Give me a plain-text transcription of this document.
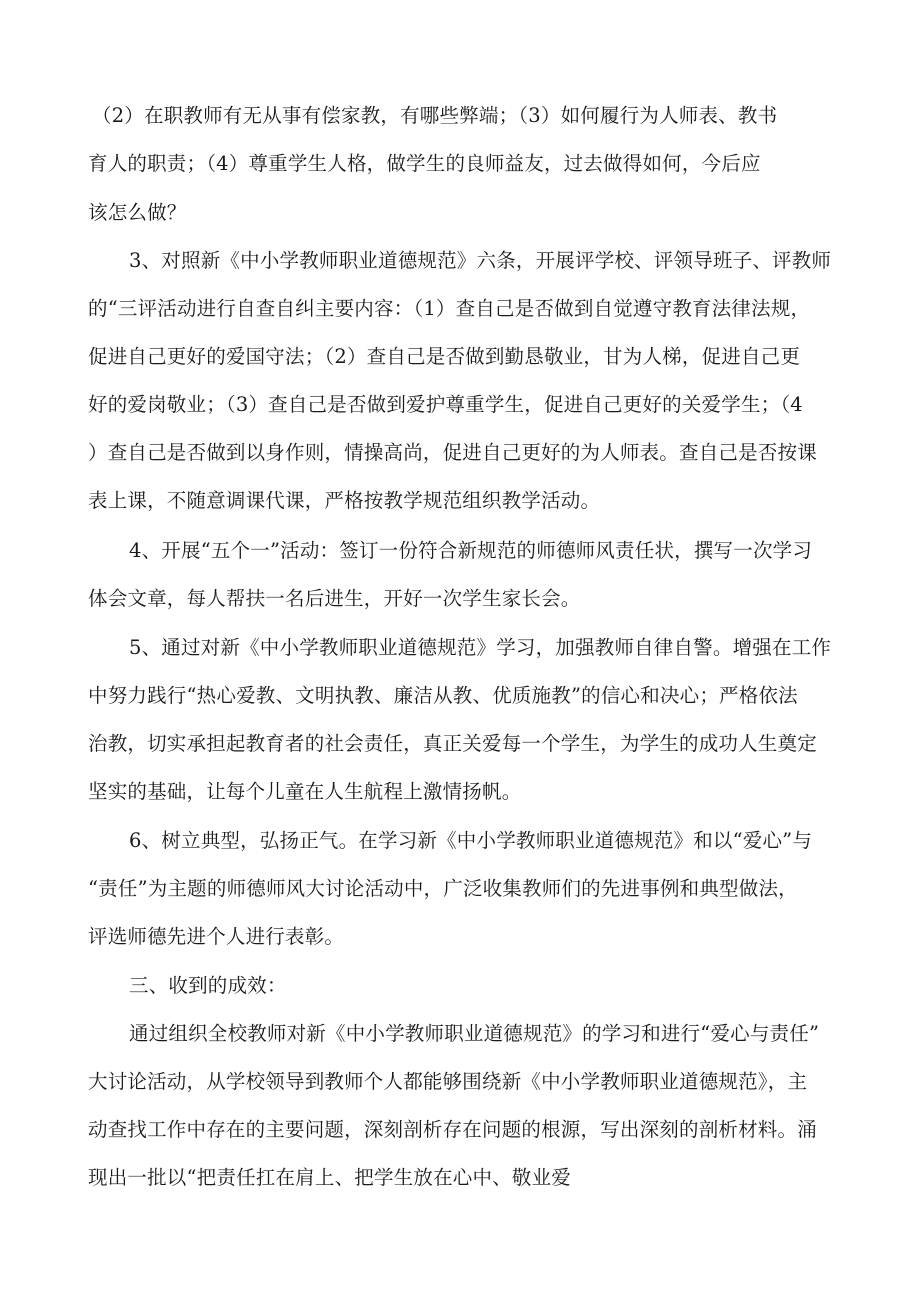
（2）在职教师有无从事有偿家教，有哪些弊端；（3）如何履行为人师表、教书
育人的职责；（4）尊重学生人格，做学生的良师益友，过去做得如何，今后应
该怎么做？
3、对照新《中小学教师职业道德规范》六条，开展评学校、评领导班子、评教师
的“三评活动进行自查自纠主要内容：（1）查自己是否做到自觉遵守教育法律法规，
促进自己更好的爱国守法；（2）查自己是否做到勤恳敬业，甘为人梯，促进自己更
好的爱岗敬业；（3）查自己是否做到爱护尊重学生，促进自己更好的关爱学生；（4
）查自己是否做到以身作则，情操高尚，促进自己更好的为人师表。查自己是否按课
表上课，不随意调课代课，严格按教学规范组织教学活动。
4、开展“五个一”活动：签订一份符合新规范的师德师风责任状，撰写一次学习
体会文章，每人帮扶一名后进生，开好一次学生家长会。
5、通过对新《中小学教师职业道德规范》学习，加强教师自律自警。增强在工作
中努力践行“热心爱教、文明执教、廉洁从教、优质施教”的信心和决心；严格依法
治教，切实承担起教育者的社会责任，真正关爱每一个学生，为学生的成功人生奠定
坚实的基础，让每个儿童在人生航程上激情扬帆。
6、树立典型，弘扬正气。在学习新《中小学教师职业道德规范》和以“爱心”与
“责任”为主题的师德师风大讨论活动中，广泛收集教师们的先进事例和典型做法，
评选师德先进个人进行表彰。
三、收到的成效：
通过组织全校教师对新《中小学教师职业道德规范》的学习和进行“爱心与责任”
大讨论活动，从学校领导到教师个人都能够围绕新《中小学教师职业道德规范》，主
动查找工作中存在的主要问题，深刻剖析存在问题的根源，写出深刻的剖析材料。涌
现出一批以“把责任扛在肩上、把学生放在心中、敬业爱
